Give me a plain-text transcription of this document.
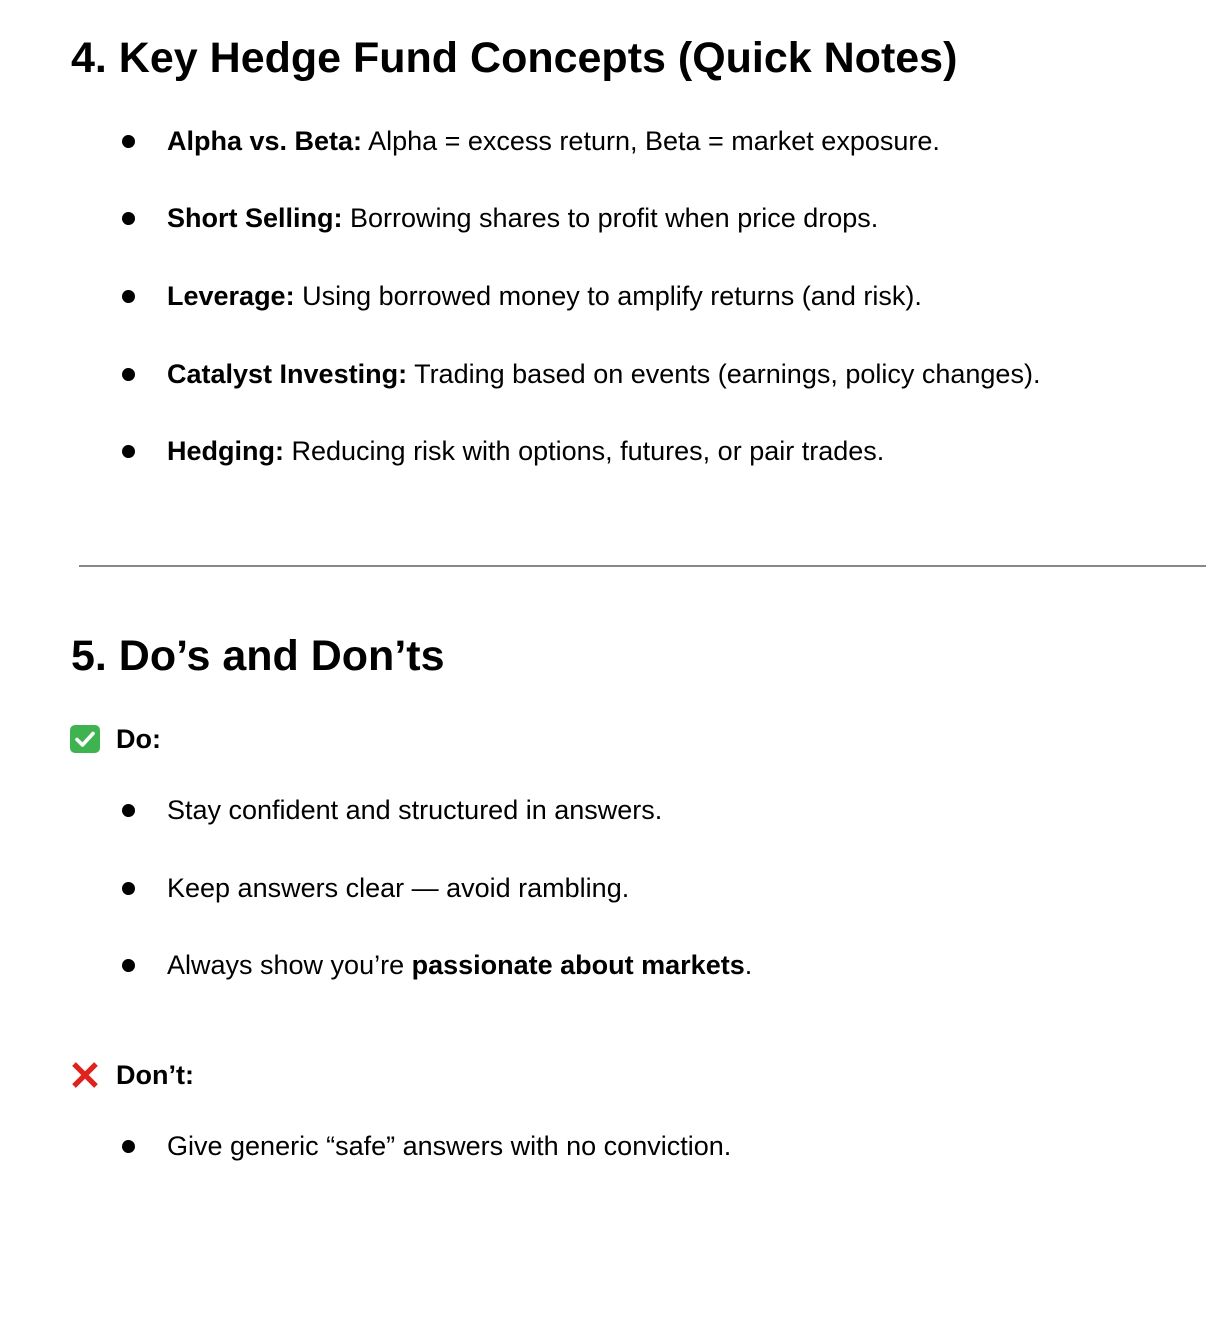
4. Key Hedge Fund Concepts (Quick Notes)
Alpha vs. Beta: Alpha = excess return, Beta = market exposure.
Short Selling: Borrowing shares to profit when price drops.
Leverage: Using borrowed money to amplify returns (and risk).
Catalyst Investing: Trading based on events (earnings, policy changes).
Hedging: Reducing risk with options, futures, or pair trades.
5. Do’s and Don’ts
Do:
Stay confident and structured in answers.
Keep answers clear — avoid rambling.
Always show you’re passionate about markets.
Don’t:
Give generic “safe” answers with no conviction.
